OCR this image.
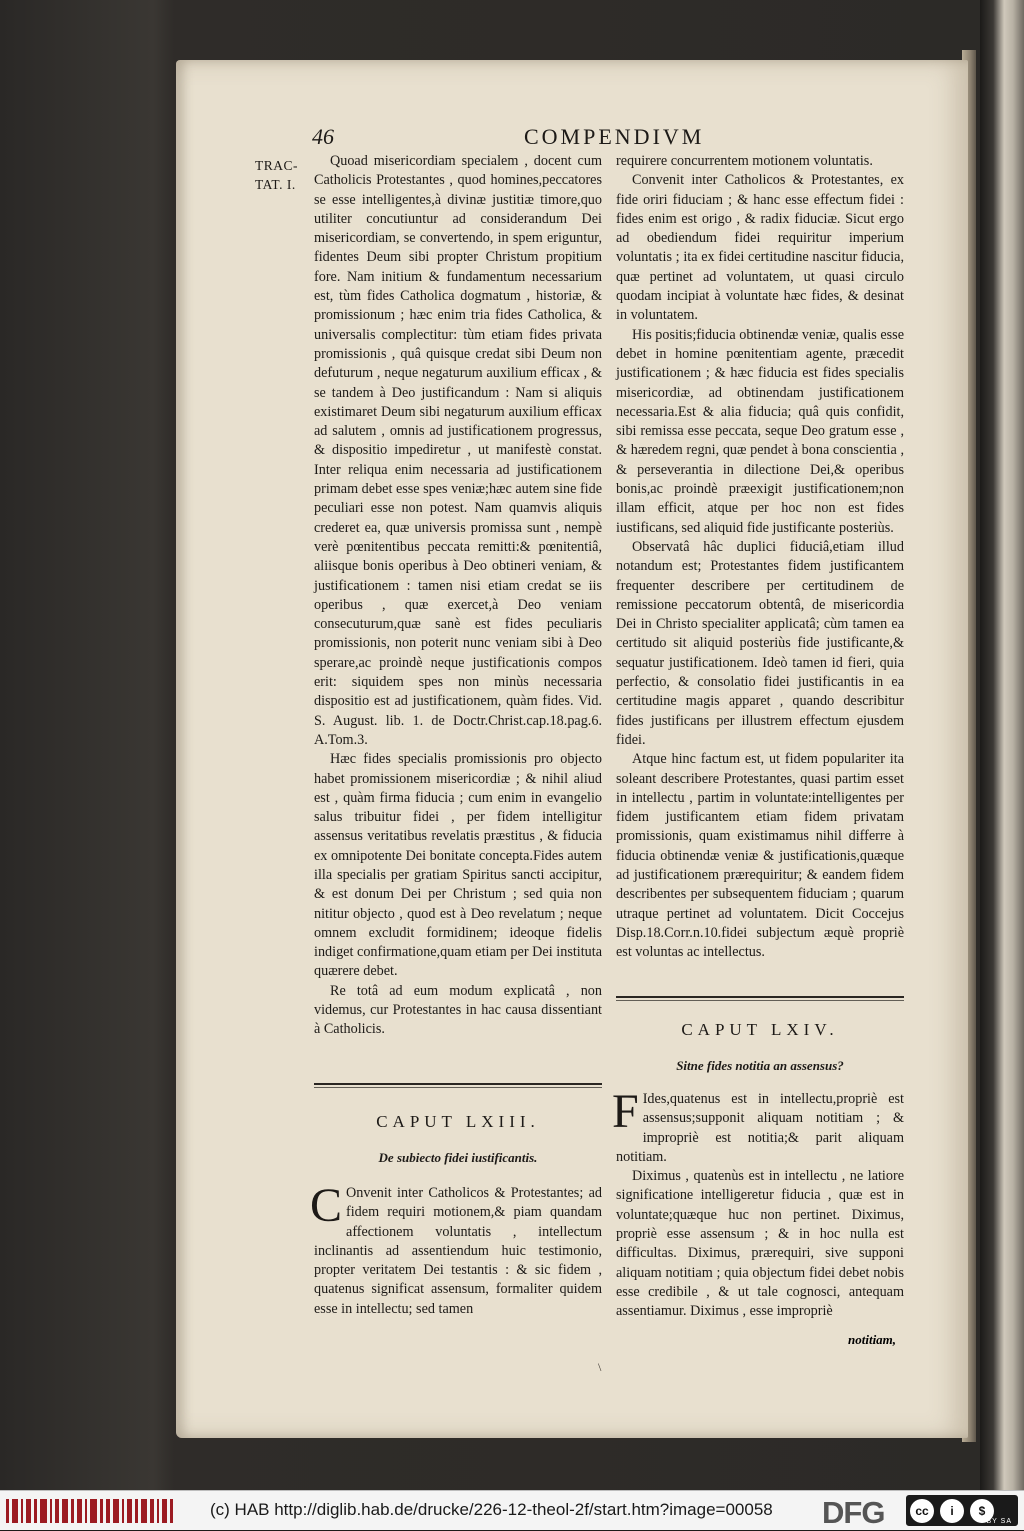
46	COMPENDIVM
TRAC-
TAT. I.

Quoad misericordiam specialem , docent cum Catholicis Protestantes , quod homines,peccatores se esse intelligentes,à divinæ justitiæ timore,quo utiliter concutiuntur ad considerandum Dei misericordiam, se convertendo, in spem eriguntur, fidentes Deum sibi propter Christum propitium fore. Nam initium & fundamentum necessarium est, tùm fides Catholica dogmatum , historiæ, & promissionum ; hæc enim tria fides Catholica, & universalis complectitur: tùm etiam fides privata promissionis , quâ quisque credat sibi Deum non defuturum , neque negaturum auxilium efficax , & se tandem à Deo justificandum : Nam si aliquis existimaret Deum sibi negaturum auxilium efficax ad salutem , omnis ad justificationem progressus, & dispositio impediretur , ut manifestè constat. Inter reliqua enim necessaria ad justificationem primam debet esse spes veniæ;hæc autem sine fide peculiari esse non potest. Nam quamvis aliquis crederet ea, quæ universis promissa sunt , nempè verè pœnitentibus peccata remitti:& pœnitentiâ, aliisque bonis operibus à Deo obtineri veniam, & justificationem : tamen nisi etiam credat se iis operibus , quæ exercet,à Deo veniam consecuturum,quæ sanè est fides peculiaris promissionis, non poterit nunc veniam sibi à Deo sperare,ac proindè neque justificationis compos erit: siquidem spes non minùs necessaria dispositio est ad justificationem, quàm fides. Vid. S. August. lib. 1. de Doctr.Christ.cap.18.pag.6. A.Tom.3.

Hæc fides specialis promissionis pro objecto habet promissionem misericordiæ ; & nihil aliud est , quàm firma fiducia ; cum enim in evangelio salus tribuitur fidei , per fidem intelligitur assensus veritatibus revelatis præstitus , & fiducia ex omnipotente Dei bonitate concepta.Fides autem illa specialis per gratiam Spiritus sancti accipitur, & est donum Dei per Christum ; sed quia non nititur objecto , quod est à Deo revelatum ; neque omnem excludit formidinem; ideoque fidelis indiget confirmatione,quam etiam per Dei instituta quærere debet.

Re totâ ad eum modum explicatâ , non videmus, cur Protestantes in hac causa dissentiant à Catholicis.

CAPUT LXIII.
De subiecto fidei iustificantis.

C Onvenit inter Catholicos & Protestantes; ad fidem requiri motionem,& piam quandam affectionem voluntatis , intellectum inclinantis ad assentiendum huic testimonio, propter veritatem Dei testantis : & sic fidem , quatenus significat assensum, formaliter quidem esse in intellectu; sed tamen

requirere concurrentem motionem voluntatis.

Convenit inter Catholicos & Protestantes, ex fide oriri fiduciam ; & hanc esse effectum fidei : fides enim est origo , & radix fiduciæ. Sicut ergo ad obediendum fidei requiritur imperium voluntatis ; ita ex fidei certitudine nascitur fiducia, quæ pertinet ad voluntatem, ut quasi circulo quodam incipiat à voluntate hæc fides, & desinat in voluntatem.

His positis;fiducia obtinendæ veniæ, qualis esse debet in homine pœnitentiam agente, præcedit justificationem ; & hæc fiducia est fides specialis misericordiæ, ad obtinendam justificationem necessaria.Est & alia fiducia; quâ quis confidit, sibi remissa esse peccata, seque Deo gratum esse , & hæredem regni, quæ pendet à bona conscientia , & perseverantia in dilectione Dei,& operibus bonis,ac proindè præexigit justificationem;non illam efficit, atque per hoc non est fides iustificans, sed aliquid fide justificante posteriùs.

Observatâ hâc duplici fiduciâ,etiam illud notandum est; Protestantes fidem justificantem frequenter describere per certitudinem de remissione peccatorum obtentâ, de misericordia Dei in Christo specialiter applicatâ; cùm tamen ea certitudo sit aliquid posteriùs fide justificante,& sequatur justificationem. Ideò tamen id fieri, quia perfectio, & consolatio fidei justificantis in ea certitudine magis apparet , quando describitur fides justificans per illustrem effectum ejusdem fidei.

Atque hinc factum est, ut fidem populariter ita soleant describere Protestantes, quasi partim esset in intellectu , partim in voluntate:intelligentes per fidem justificantem etiam fidem privatam promissionis, quam existimamus nihil differre à fiducia obtinendæ veniæ & justificationis,quæque ad justificationem prærequiritur; & eandem fidem describentes per subsequentem fiduciam ; quarum utraque pertinet ad voluntatem. Dicit Coccejus Disp.18.Corr.n.10.fidei subjectum æquè propriè est voluntas ac intellectus.

CAPUT LXIV.
Sitne fides notitia an assensus?

F Ides,quatenus est in intellectu,propriè est assensus;supponit aliquam notitiam ; & impropriè est notitia;& parit aliquam notitiam.

Diximus , quatenùs est in intellectu , ne latiore significatione intelligeretur fiducia , quæ est in voluntate;quæque huc non pertinet. Diximus, propriè esse assensum ; & in hoc nulla est difficultas. Diximus, prærequiri, sive supponi aliquam notitiam ; quia objectum fidei debet nobis esse credibile , & ut tale cognosci, antequam assentiamur. Diximus , esse impropriè

notitiam,
\
(c) HAB http://diglib.hab.de/drucke/226-12-theol-2f/start.htm?image=00058 DFG	cc	i	$
BY SA
